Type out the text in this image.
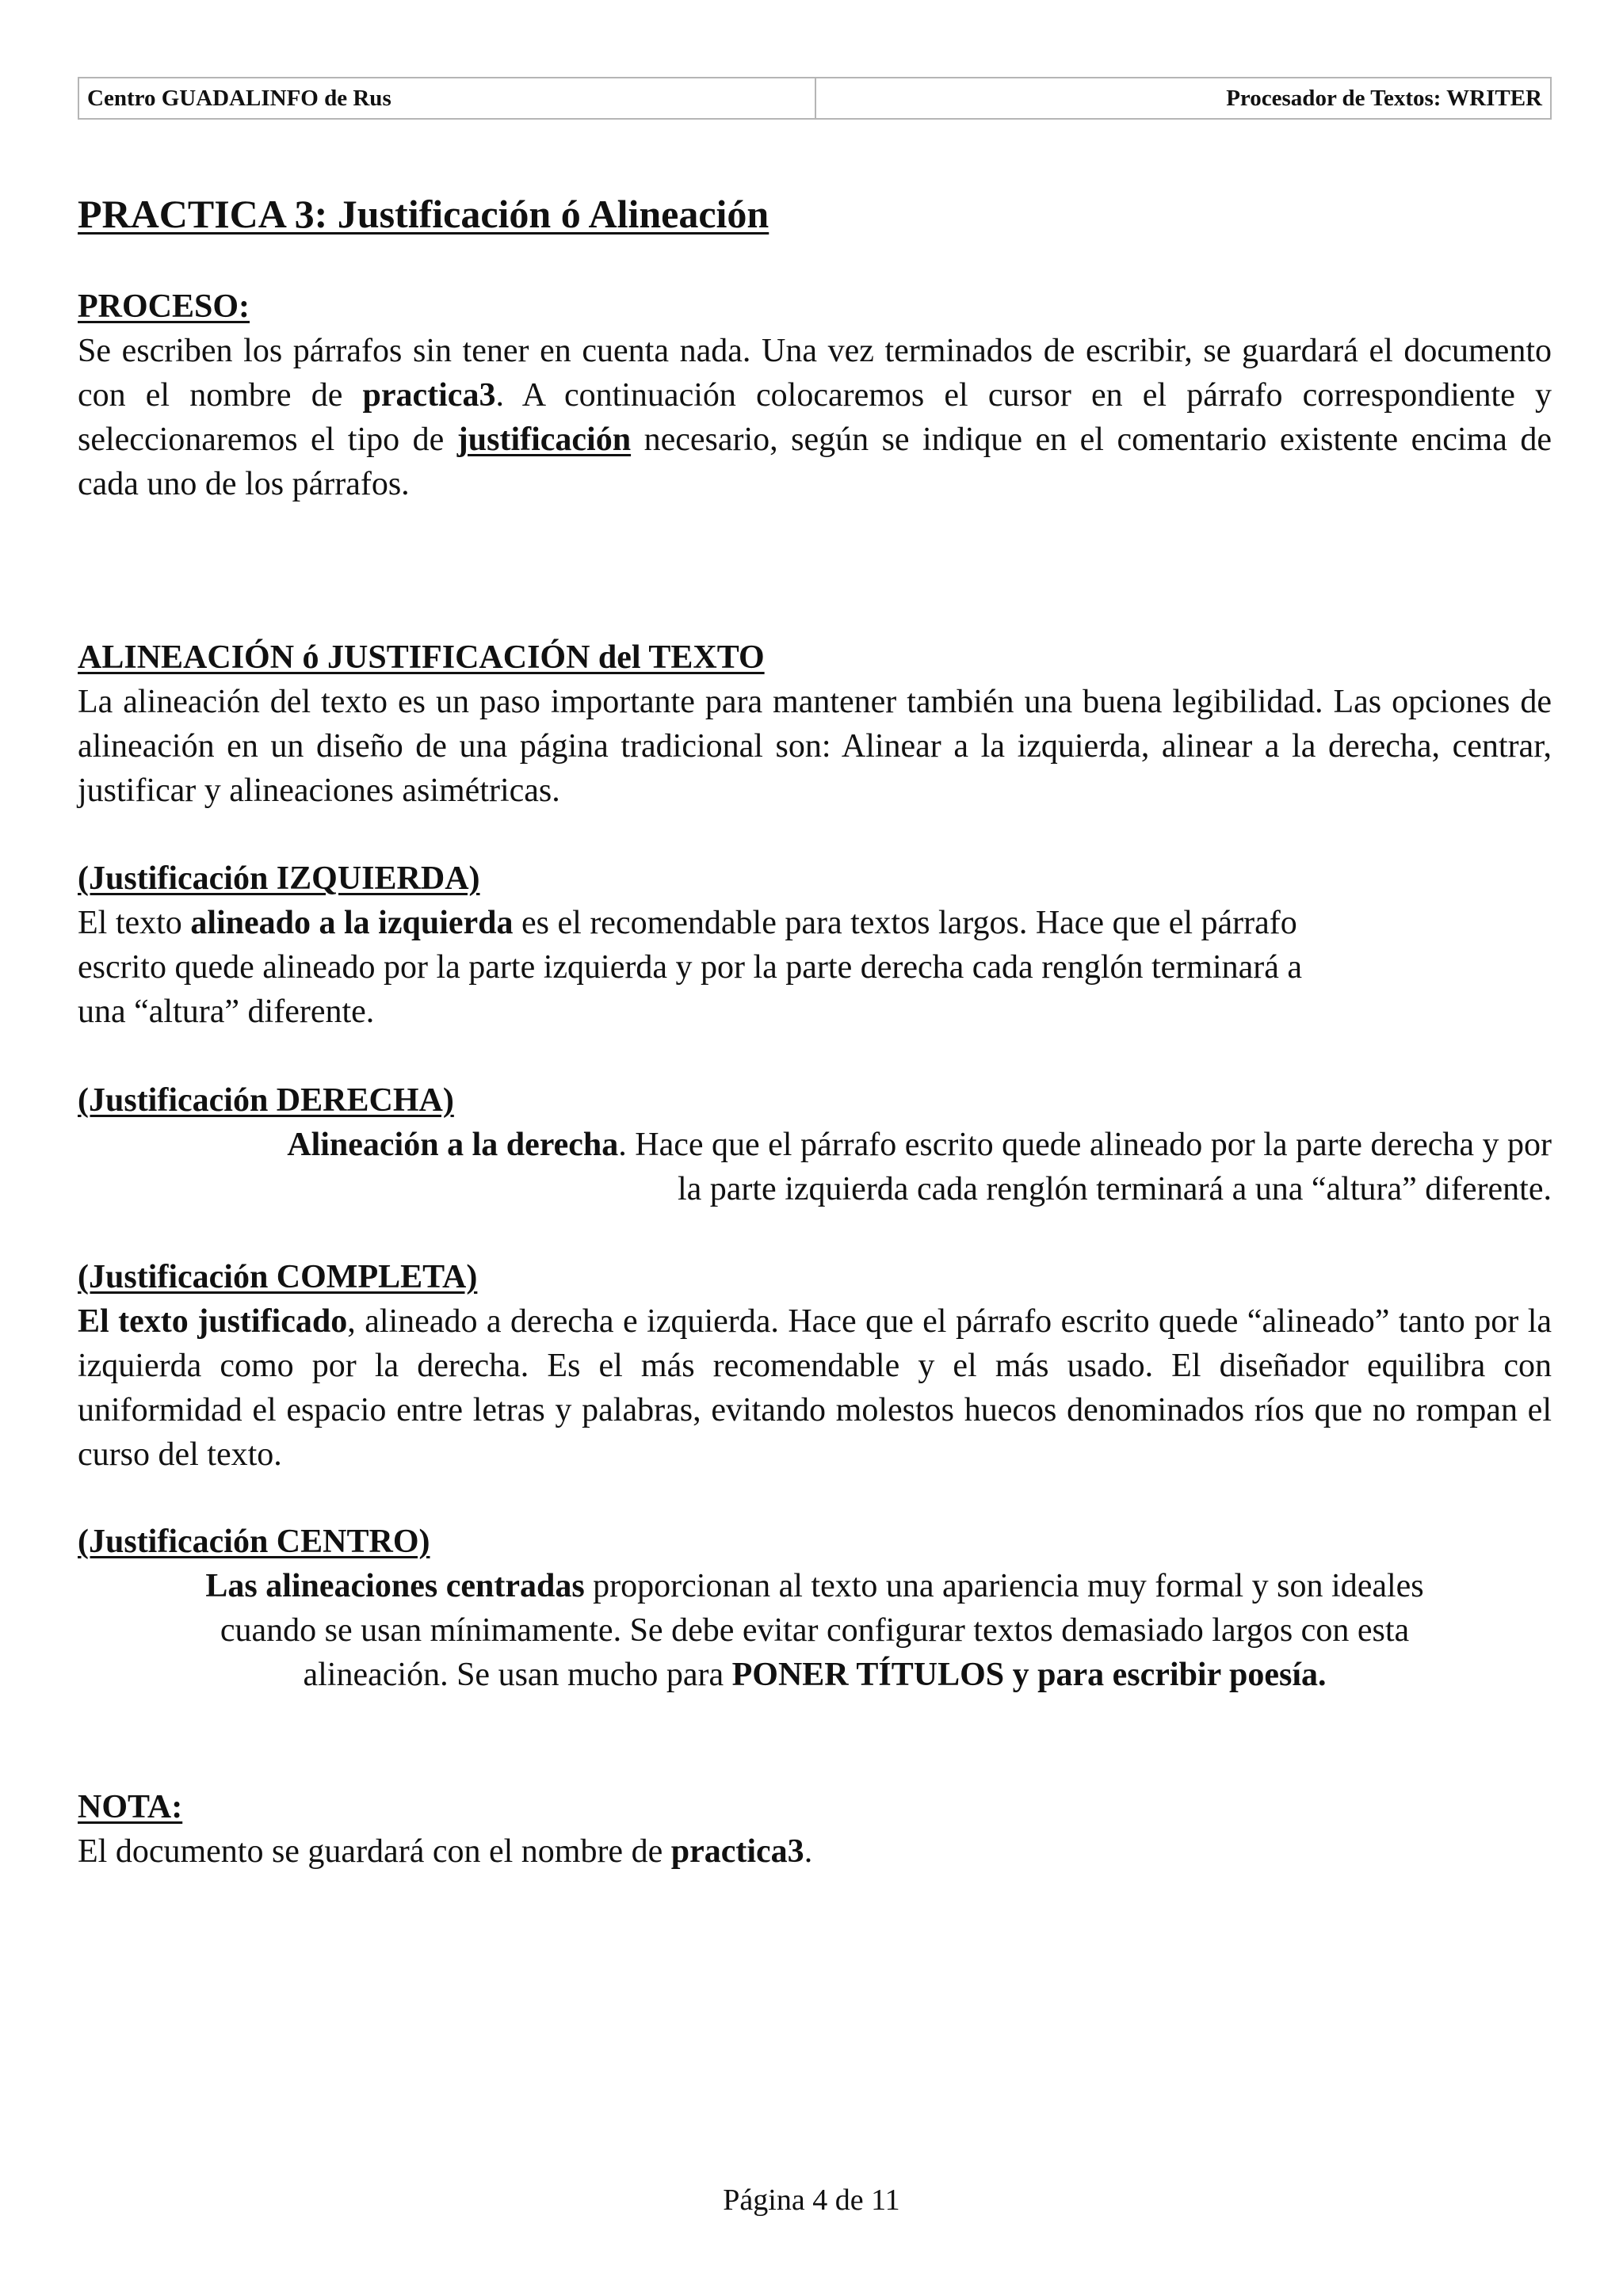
Centro GUADALINFO de Rus	Procesador de Textos: WRITER
PRACTICA 3: Justificación ó Alineación

PROCESO:

Se escriben los párrafos sin tener en cuenta nada. Una vez terminados de escribir, se guardará el documento con el nombre de practica3. A continuación colocaremos el cursor en el párrafo correspondiente y seleccionaremos el tipo de justificación necesario, según se indique en el comentario existente encima de cada uno de los párrafos.

ALINEACIÓN ó JUSTIFICACIÓN del TEXTO

La alineación del texto es un paso importante para mantener también una buena legibilidad. Las opciones de alineación en un diseño de una página tradicional son: Alinear a la izquierda, alinear a la derecha, centrar, justificar y alineaciones asimétricas.

(Justificación IZQUIERDA)

El texto alineado a la izquierda es el recomendable para textos largos. Hace que el párrafo

escrito quede alineado por la parte izquierda y por la parte derecha cada renglón terminará a

una “altura” diferente.

(Justificación DERECHA)

Alineación a la derecha. Hace que el párrafo escrito quede alineado por la parte derecha y por

la parte izquierda cada renglón terminará a una “altura” diferente.

(Justificación COMPLETA)

El texto justificado, alineado a derecha e izquierda. Hace que el párrafo escrito quede “alineado” tanto por la izquierda como por la derecha. Es el más recomendable y el más usado. El diseñador equilibra con uniformidad el espacio entre letras y palabras, evitando molestos huecos denominados ríos que no rompan el curso del texto.

(Justificación CENTRO)

Las alineaciones centradas proporcionan al texto una apariencia muy formal y son ideales

cuando se usan mínimamente. Se debe evitar configurar textos demasiado largos con esta

alineación. Se usan mucho para PONER TÍTULOS y para escribir poesía.

NOTA:

El documento se guardará con el nombre de practica3.

Página 4 de 11
